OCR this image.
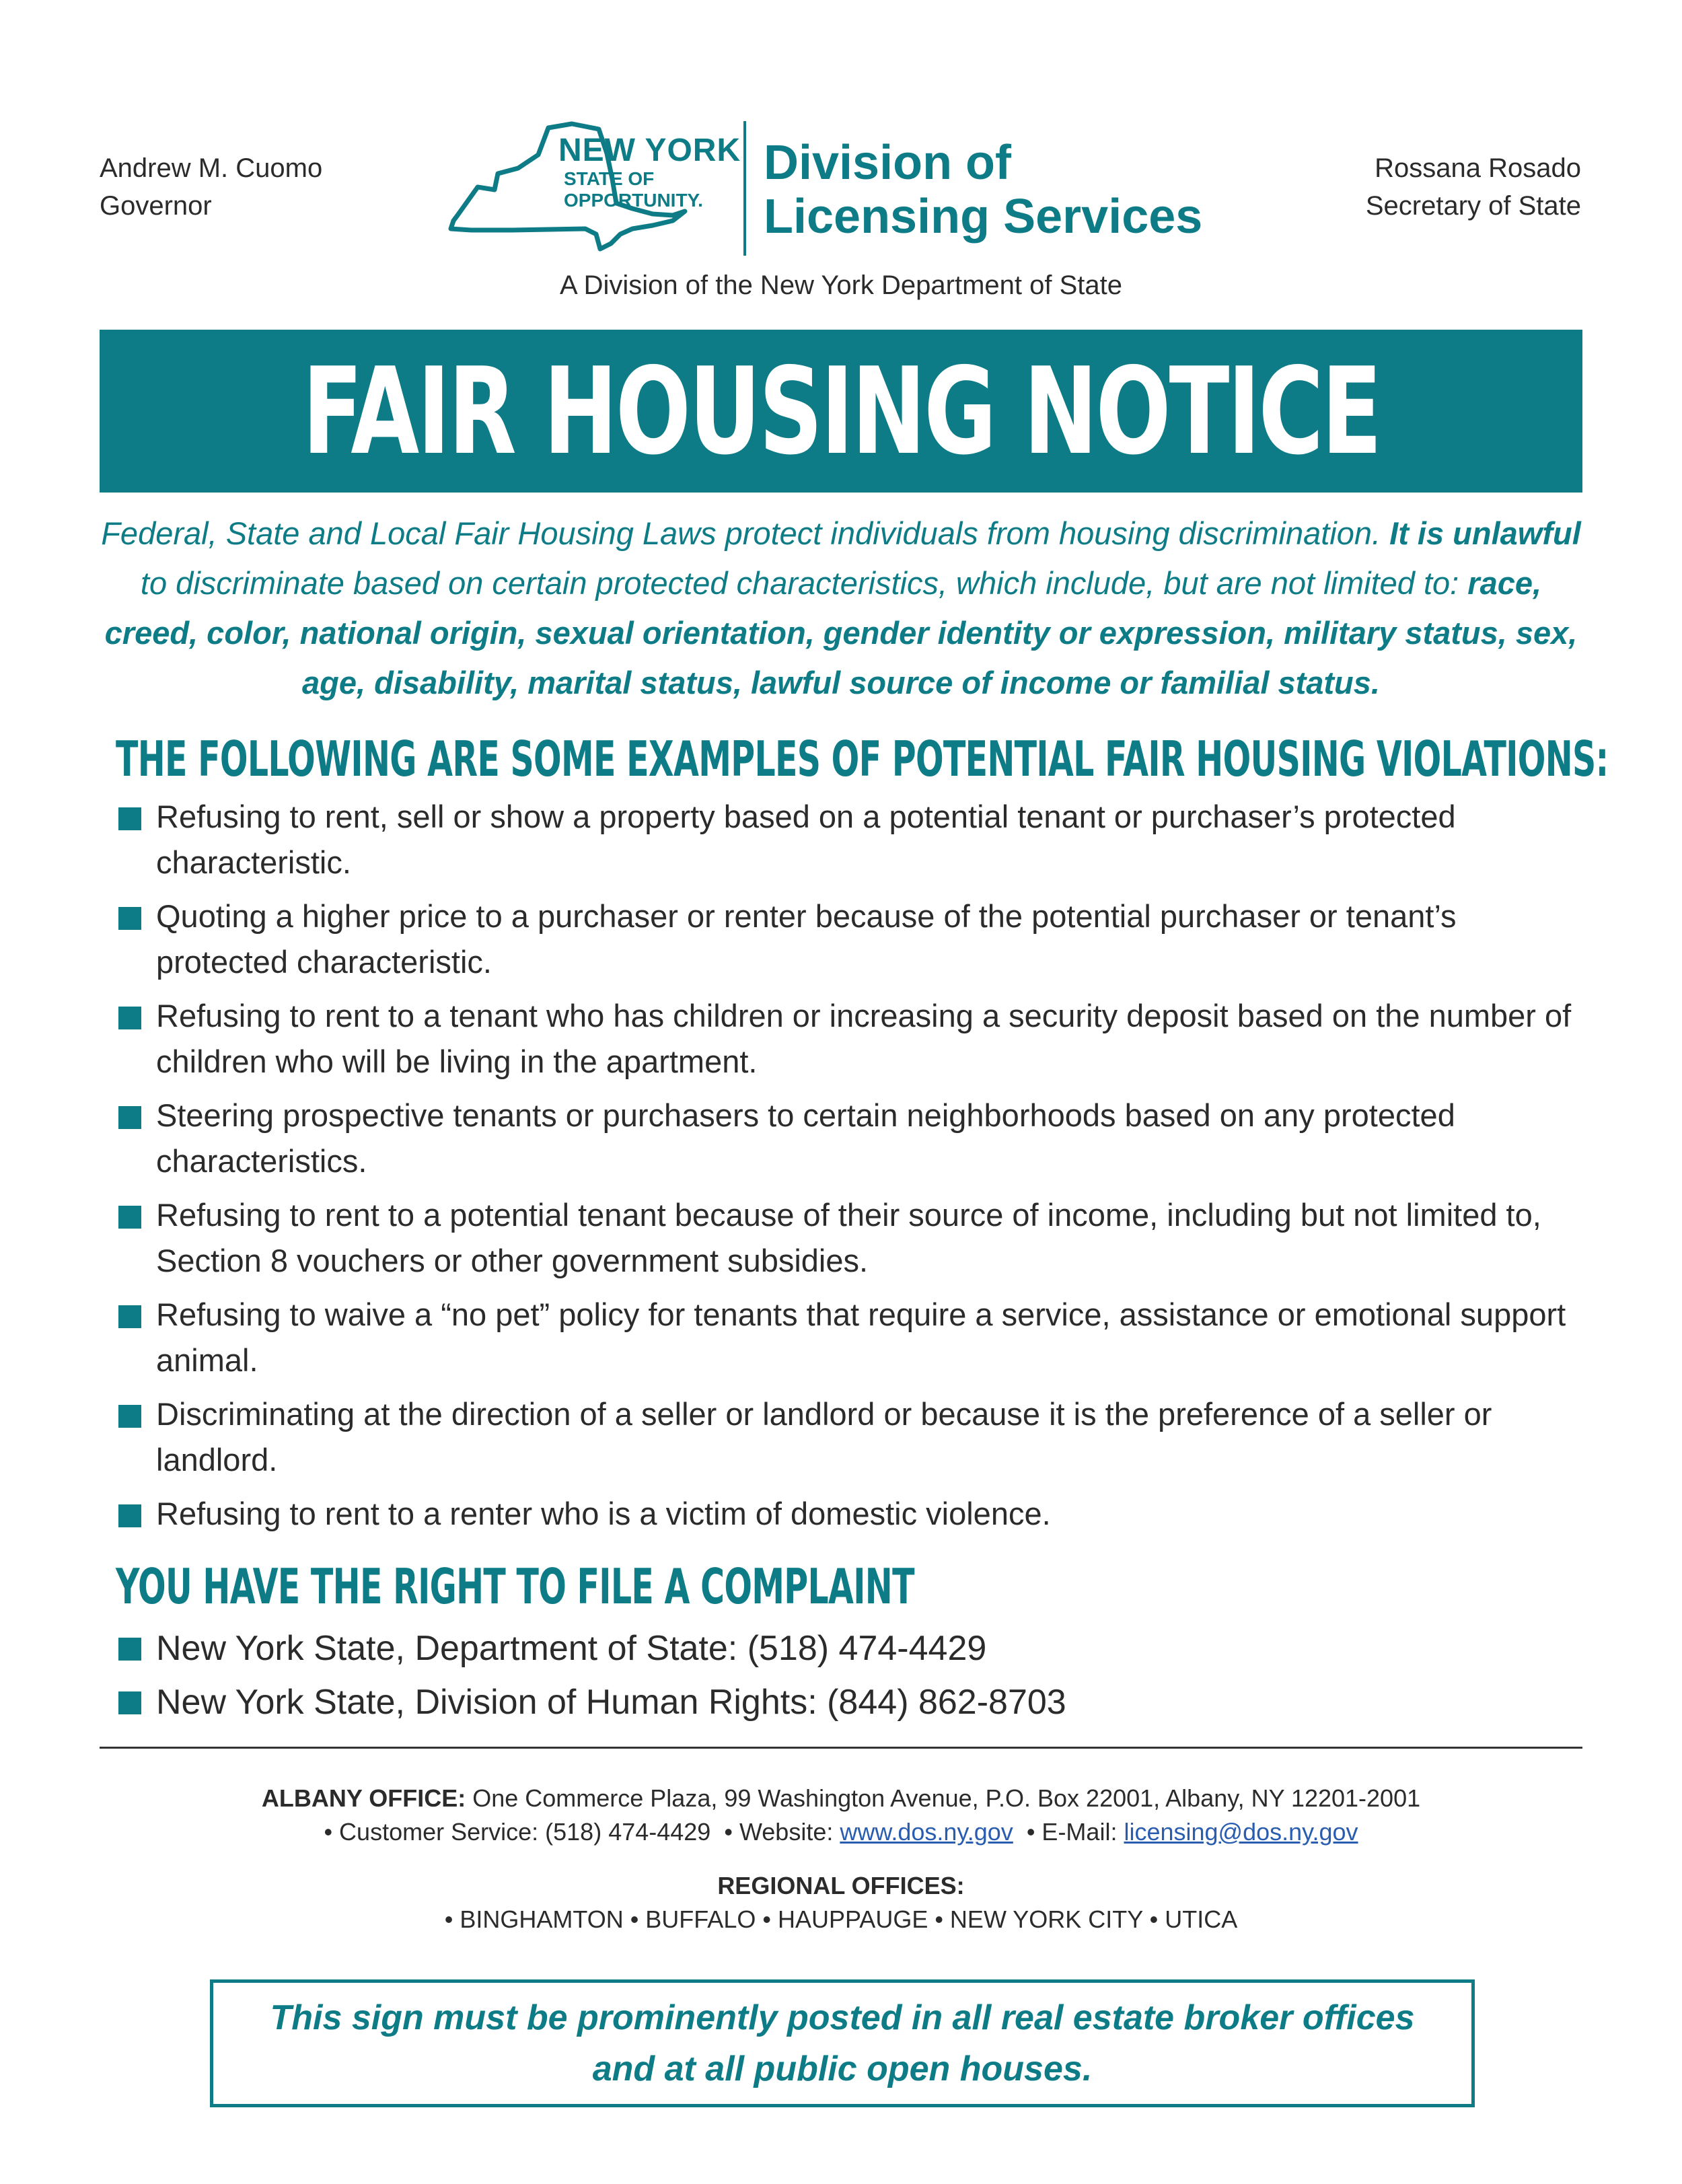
Andrew M. Cuomo
Governor
NEW YORK
STATE OF
OPPORTUNITY.
Division of
Licensing Services
Rossana Rosado
Secretary of State
A Division of the New York Department of State
FAIR HOUSING NOTICE
Federal, State and Local Fair Housing Laws protect individuals from housing discrimination. It is unlawful to discriminate based on certain protected characteristics, which include, but are not limited to: race, creed, color, national origin, sexual orientation, gender identity or expression, military status, sex, age, disability, marital status, lawful source of income or familial status.
THE FOLLOWING ARE SOME EXAMPLES OF POTENTIAL FAIR HOUSING VIOLATIONS:
Refusing to rent, sell or show a property based on a potential tenant or purchaser’s protected characteristic.
Quoting a higher price to a purchaser or renter because of the potential purchaser or tenant’s protected characteristic.
Refusing to rent to a tenant who has children or increasing a security deposit based on the number of children who will be living in the apartment.
Steering prospective tenants or purchasers to certain neighborhoods based on any protected characteristics.
Refusing to rent to a potential tenant because of their source of income, including but not limited to, Section 8 vouchers or other government subsidies.
Refusing to waive a “no pet” policy for tenants that require a service, assistance or emotional support animal.
Discriminating at the direction of a seller or landlord or because it is the preference of a seller or landlord.
Refusing to rent to a renter who is a victim of domestic violence.
YOU HAVE THE RIGHT TO FILE A COMPLAINT
New York State, Department of State: (518) 474-4429
New York State, Division of Human Rights: (844) 862-8703
ALBANY OFFICE: One Commerce Plaza, 99 Washington Avenue, P.O. Box 22001, Albany, NY 12201-2001
• Customer Service: (518) 474-4429 • Website: www.dos.ny.gov • E-Mail: licensing@dos.ny.gov
REGIONAL OFFICES:
• BINGHAMTON • BUFFALO • HAUPPAUGE • NEW YORK CITY • UTICA
This sign must be prominently posted in all real estate broker offices
and at all public open houses.
